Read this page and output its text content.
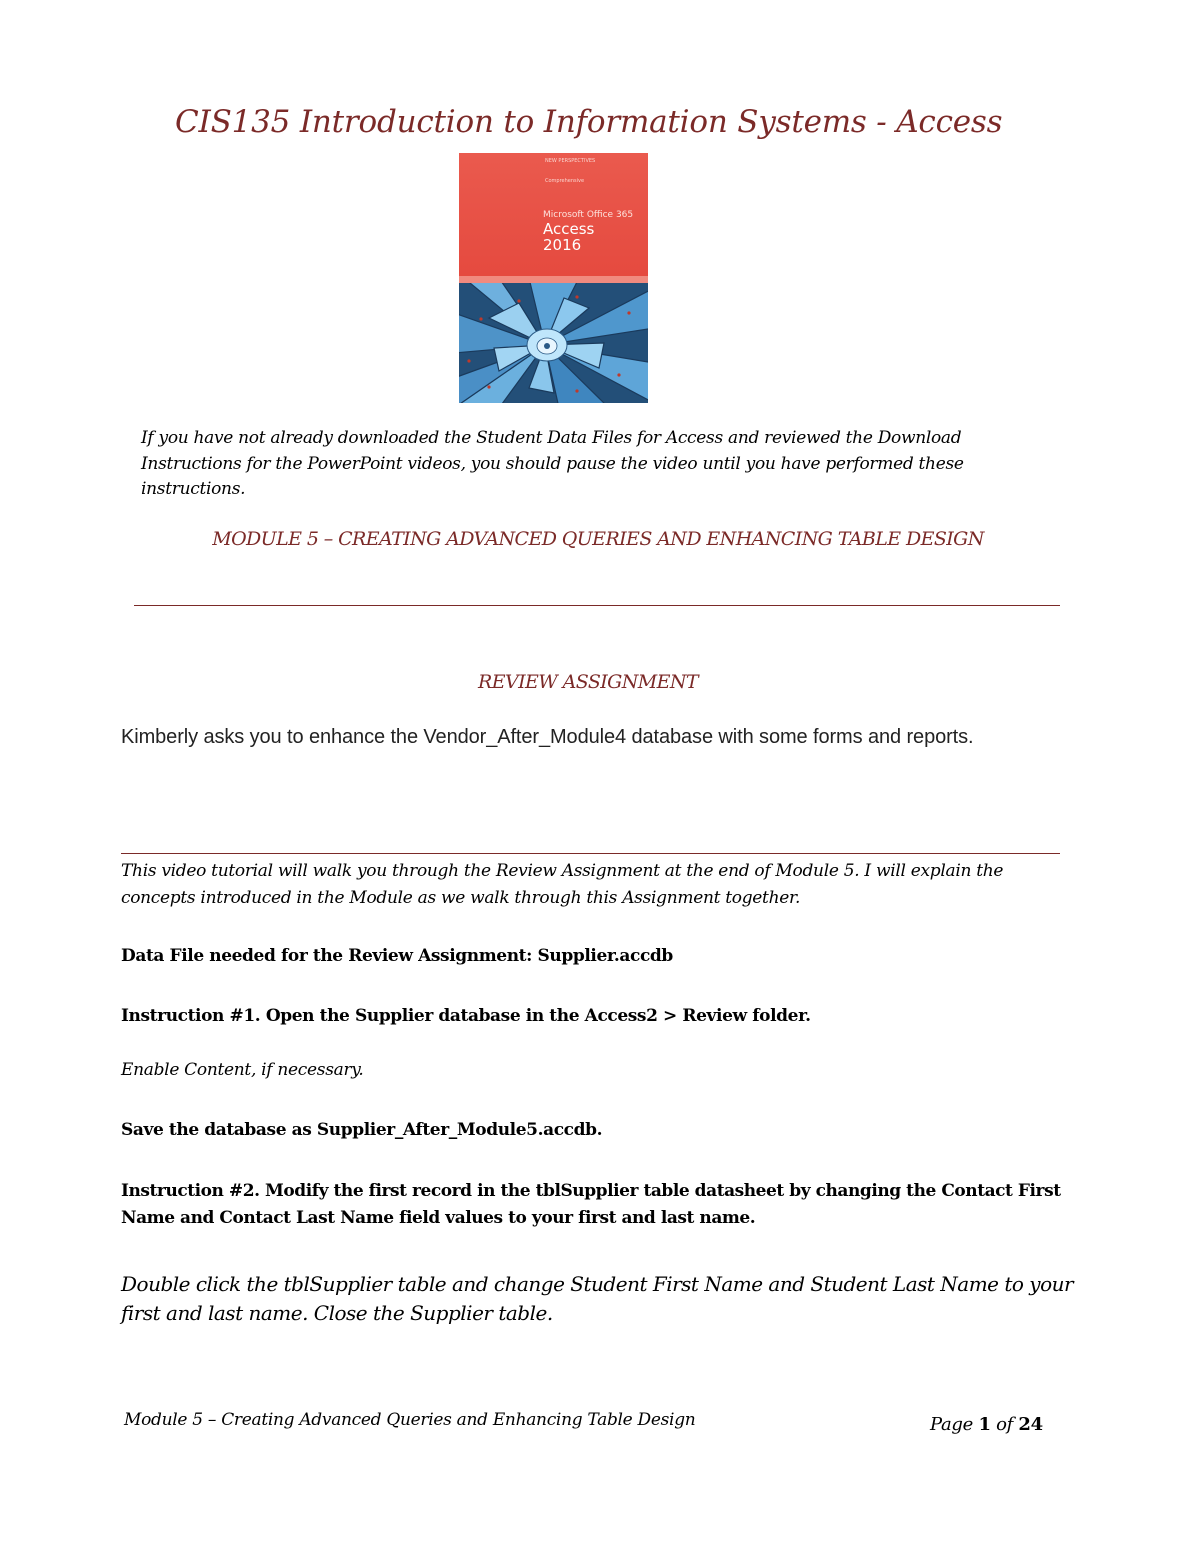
CIS135 Introduction to Information Systems - Access
NEW PERSPECTIVES
Comprehensive
Microsoft Office 365
Access
2016
If you have not already downloaded the Student Data Files for Access and reviewed the Download Instructions for the PowerPoint videos, you should pause the video until you have performed these instructions.
MODULE 5 – CREATING ADVANCED QUERIES AND ENHANCING TABLE DESIGN
REVIEW ASSIGNMENT
Kimberly asks you to enhance the Vendor_After_Module4 database with some forms and reports.
This video tutorial will walk you through the Review Assignment at the end of Module 5. I will explain the concepts introduced in the Module as we walk through this Assignment together.
Data File needed for the Review Assignment: Supplier.accdb
Instruction #1. Open the Supplier database in the Access2 > Review folder.
Enable Content, if necessary.
Save the database as Supplier_After_Module5.accdb.
Instruction #2. Modify the first record in the tblSupplier table datasheet by changing the Contact First Name and Contact Last Name field values to your first and last name.
Double click the tblSupplier table and change Student First Name and Student Last Name to your first and last name. Close the Supplier table.
Module 5 – Creating Advanced Queries and Enhancing Table Design	Page 1 of 24
